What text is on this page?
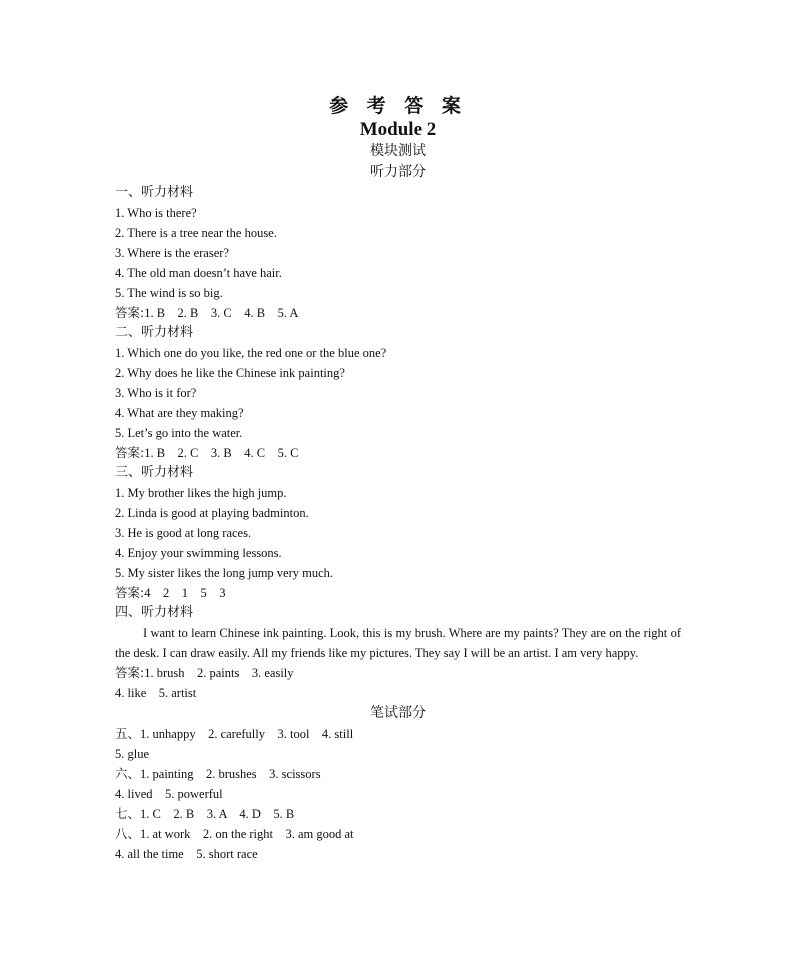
参 考 答 案
Module 2
模块测试
听力部分
一、听力材料
1. Who is there?
2. There is a tree near the house.
3. Where is the eraser?
4. The old man doesn’t have hair.
5. The wind is so big.
答案:1. B    2. B    3. C    4. B    5. A
二、听力材料
1. Which one do you like, the red one or the blue one?
2. Why does he like the Chinese ink painting?
3. Who is it for?
4. What are they making?
5. Let’s go into the water.
答案:1. B    2. C    3. B    4. C    5. C
三、听力材料
1. My brother likes the high jump.
2. Linda is good at playing badminton.
3. He is good at long races.
4. Enjoy your swimming lessons.
5. My sister likes the long jump very much.
答案:4    2    1    5    3
四、听力材料

I want to learn Chinese ink painting. Look, this is my brush. Where are my paints? They are on the right of the desk. I can draw easily. All my friends like my pictures. They say I will be an artist. I am very happy.

答案:1. brush    2. paints    3. easily
4. like    5. artist
笔试部分
五、1. unhappy    2. carefully    3. tool    4. still
5. glue
六、1. painting    2. brushes    3. scissors
4. lived    5. powerful
七、1. C    2. B    3. A    4. D    5. B
八、1. at work    2. on the right    3. am good at
4. all the time    5. short race
